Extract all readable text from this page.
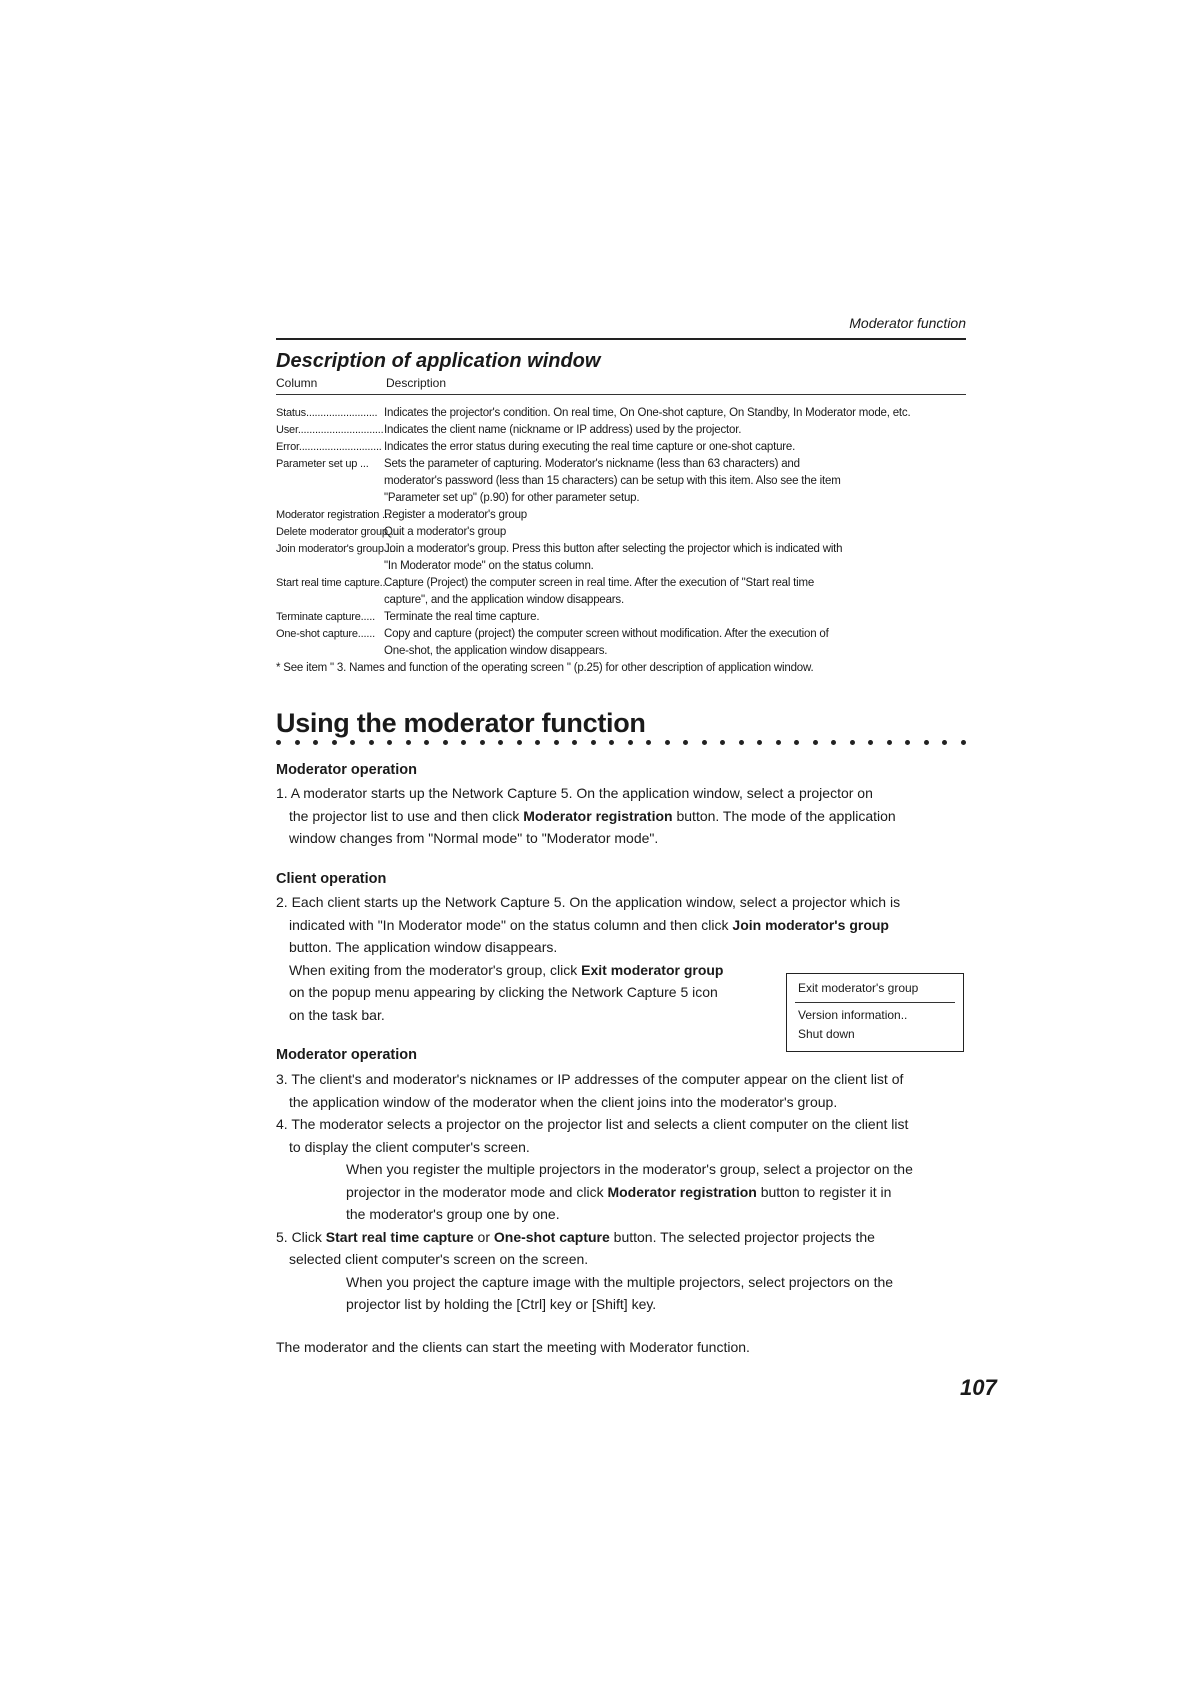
Moderator function
Description of application window
Column	Description
Status......................... Indicates the projector's condition. On real time, On One-shot capture, On Standby, In Moderator mode, etc.
User.............................. Indicates the client name (nickname or IP address) used by the projector.
Error............................. Indicates the error status during executing the real time capture or one-shot capture.
Parameter set up ...	Sets the parameter of capturing. Moderator's nickname (less than 63 characters) and
moderator's password (less than 15 characters) can be setup with this item. Also see the item
"Parameter set up" (p.90) for other parameter setup.
Moderator registration ...
Register a moderator's group
Delete moderator group ...
Quit a moderator's group
Join moderator's group ...
Join a moderator's group. Press this button after selecting the projector which is indicated with
"In Moderator mode" on the status column.
Start real time capture..
Capture (Project) the computer screen in real time. After the execution of "Start real time
capture", and the application window disappears.
Terminate capture..... Terminate the real time capture.
One-shot capture...... Copy and capture (project) the computer screen without modification. After the execution of
One-shot, the application window disappears.
* See item " 3. Names and function of the operating screen " (p.25) for other description of application window.
Using the moderator function
Moderator operation
1. A moderator starts up the Network Capture 5. On the application window, select a projector on
the projector list to use and then click Moderator registration button. The mode of the application
window changes from "Normal mode" to "Moderator mode".
Client operation
2. Each client starts up the Network Capture 5. On the application window, select a projector which is
indicated with "In Moderator mode" on the status column and then click Join moderator's group
button. The application window disappears.
When exiting from the moderator's group, click Exit moderator group
on the popup menu appearing by clicking the Network Capture 5 icon
on the task bar.
Exit moderator's group
Version information..
Shut down
Moderator operation
3. The client's and moderator's nicknames or IP addresses of the computer appear on the client list of
the application window of the moderator when the client joins into the moderator's group.
4. The moderator selects a projector on the projector list and selects a client computer on the client list
to display the client computer's screen.
When you register the multiple projectors in the moderator's group, select a projector on the
projector in the moderator mode and click Moderator registration button to register it in
the moderator's group one by one.
5. Click Start real time capture or One-shot capture button. The selected projector projects the
selected client computer's screen on the screen.
When you project the capture image with the multiple projectors, select projectors on the
projector list by holding the [Ctrl] key or [Shift] key.
The moderator and the clients can start the meeting with Moderator function.
107
